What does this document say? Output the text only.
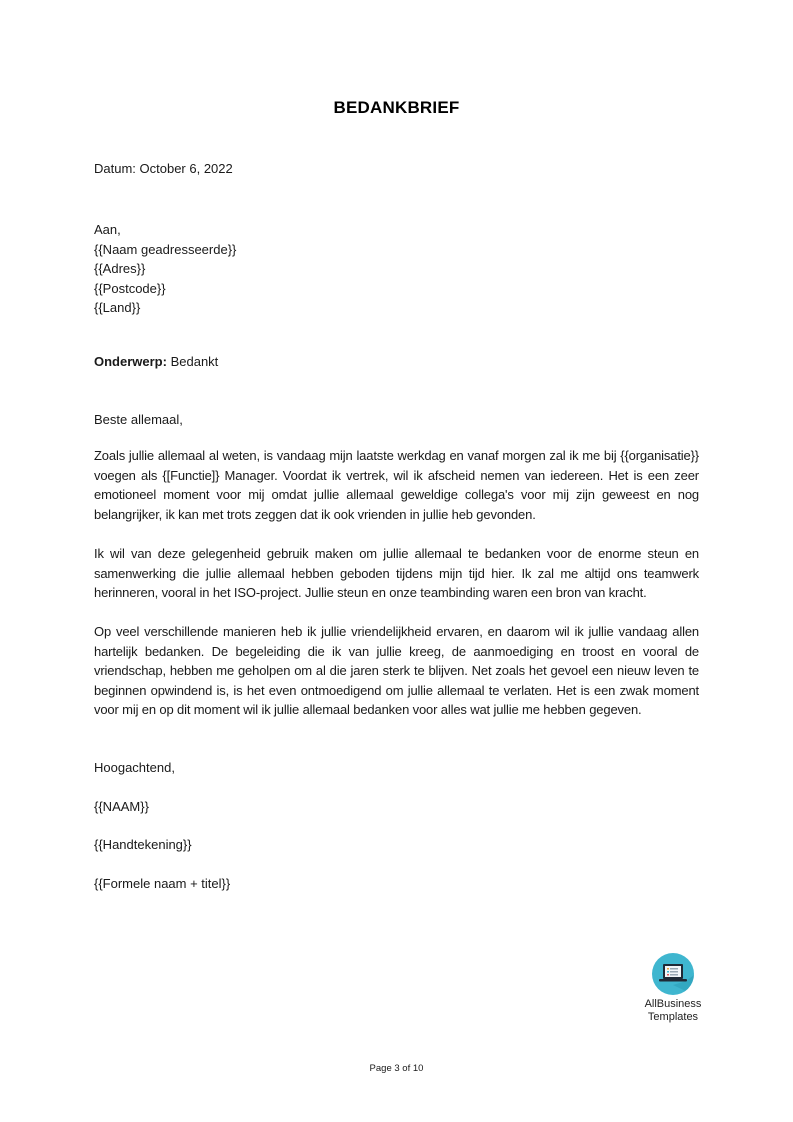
BEDANKBRIEF
Datum: October 6, 2022
Aan,
{{Naam geadresseerde}}
{{Adres}}
{{Postcode}}
{{Land}}
Onderwerp: Bedankt
Beste allemaal,
Zoals jullie allemaal al weten, is vandaag mijn laatste werkdag en vanaf morgen zal ik me bij {{organisatie}} voegen als {[Functie]} Manager. Voordat ik vertrek, wil ik afscheid nemen van iedereen. Het is een zeer emotioneel moment voor mij omdat jullie allemaal geweldige collega's voor mij zijn geweest en nog belangrijker, ik kan met trots zeggen dat ik ook vrienden in jullie heb gevonden.
Ik wil van deze gelegenheid gebruik maken om jullie allemaal te bedanken voor de enorme steun en samenwerking die jullie allemaal hebben geboden tijdens mijn tijd hier. Ik zal me altijd ons teamwerk herinneren, vooral in het ISO-project. Jullie steun en onze teambinding waren een bron van kracht.
Op veel verschillende manieren heb ik jullie vriendelijkheid ervaren, en daarom wil ik jullie vandaag allen hartelijk bedanken. De begeleiding die ik van jullie kreeg, de aanmoediging en troost en vooral de vriendschap, hebben me geholpen om al die jaren sterk te blijven. Net zoals het gevoel een nieuw leven te beginnen opwindend is, is het even ontmoedigend om jullie allemaal te verlaten. Het is een zwak moment voor mij en op dit moment wil ik jullie allemaal bedanken voor alles wat jullie me hebben gegeven.
Hoogachtend,
{{NAAM}}
{{Handtekening}}
{{Formele naam + titel}}
AllBusiness
Templates
Page 3 of 10
